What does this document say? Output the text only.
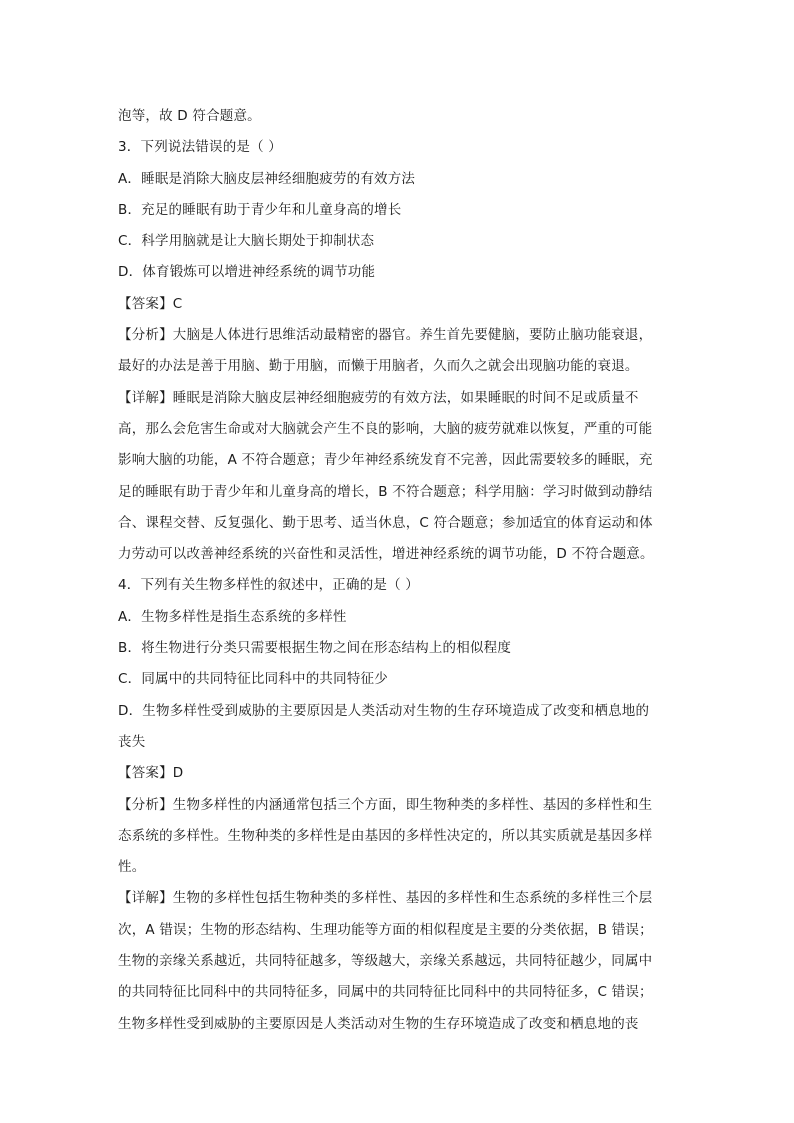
泡等，故 D 符合题意。
3．下列说法错误的是（ ）
A．睡眠是消除大脑皮层神经细胞疲劳的有效方法
B．充足的睡眠有助于青少年和儿童身高的增长
C．科学用脑就是让大脑长期处于抑制状态
D．体育锻炼可以增进神经系统的调节功能
【答案】C
【分析】大脑是人体进行思维活动最精密的器官。养生首先要健脑，要防止脑功能衰退，
最好的办法是善于用脑、勤于用脑，而懒于用脑者，久而久之就会出现脑功能的衰退。
【详解】睡眠是消除大脑皮层神经细胞疲劳的有效方法，如果睡眠的时间不足或质量不
高，那么会危害生命或对大脑就会产生不良的影响，大脑的疲劳就难以恢复，严重的可能
影响大脑的功能，A 不符合题意；青少年神经系统发育不完善，因此需要较多的睡眠，充
足的睡眠有助于青少年和儿童身高的增长，B 不符合题意；科学用脑：学习时做到动静结
合、课程交替、反复强化、勤于思考、适当休息，C 符合题意；参加适宜的体育运动和体
力劳动可以改善神经系统的兴奋性和灵活性，增进神经系统的调节功能，D 不符合题意。
4．下列有关生物多样性的叙述中，正确的是（ ）
A．生物多样性是指生态系统的多样性
B．将生物进行分类只需要根据生物之间在形态结构上的相似程度
C．同属中的共同特征比同科中的共同特征少
D．生物多样性受到威胁的主要原因是人类活动对生物的生存环境造成了改变和栖息地的
丧失
【答案】D
【分析】生物多样性的内涵通常包括三个方面，即生物种类的多样性、基因的多样性和生
态系统的多样性。生物种类的多样性是由基因的多样性决定的，所以其实质就是基因多样
性。
【详解】生物的多样性包括生物种类的多样性、基因的多样性和生态系统的多样性三个层
次，A 错误；生物的形态结构、生理功能等方面的相似程度是主要的分类依据，B 错误；
生物的亲缘关系越近，共同特征越多，等级越大，亲缘关系越远，共同特征越少，同属中
的共同特征比同科中的共同特征多，同属中的共同特征比同科中的共同特征多，C 错误；
生物多样性受到威胁的主要原因是人类活动对生物的生存环境造成了改变和栖息地的丧
